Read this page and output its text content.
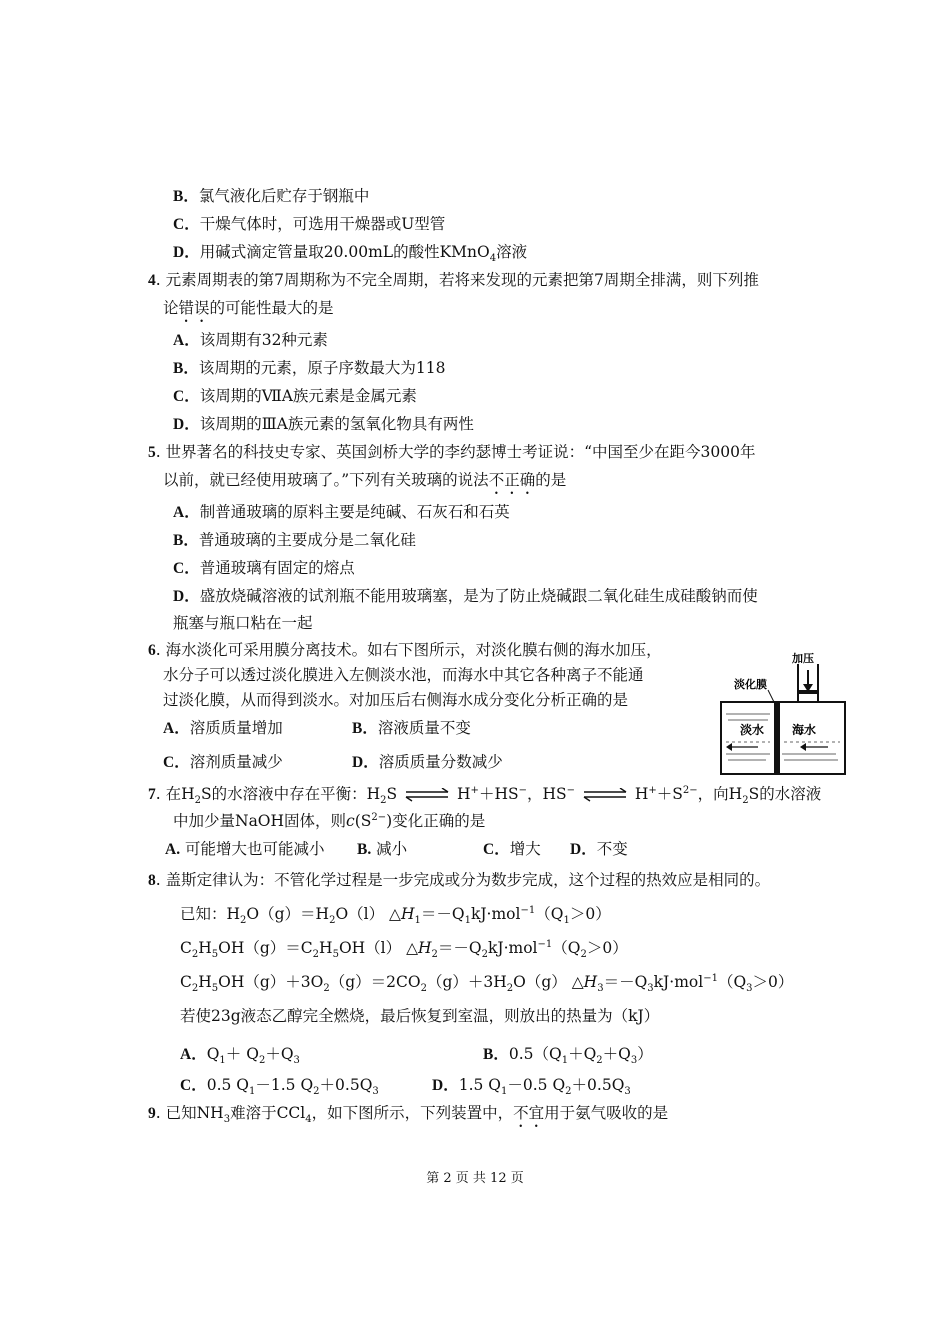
B．氯气液化后贮存于钢瓶中
C．干燥气体时，可选用干燥器或U型管
D．用碱式滴定管量取20.00mL的酸性KMnO$_4$溶液
4. 元素周期表的第7周期称为不完全周期，若将来发现的元素把第7周期全排满，则下列推
论错误的可能性最大的是
A．该周期有32种元素
B．该周期的元素，原子序数最大为118
C．该周期的ⅦA族元素是金属元素
D．该周期的ⅢA族元素的氢氧化物具有两性
5. 世界著名的科技史专家、英国剑桥大学的李约瑟博士考证说：“中国至少在距今3000年
以前，就已经使用玻璃了。”下列有关玻璃的说法不正确的是
A．制普通玻璃的原料主要是纯碱、石灰石和石英
B．普通玻璃的主要成分是二氧化硅
C．普通玻璃有固定的熔点
D．盛放烧碱溶液的试剂瓶不能用玻璃塞，是为了防止烧碱跟二氧化硅生成硅酸钠而使
瓶塞与瓶口粘在一起
6. 海水淡化可采用膜分离技术。如右下图所示，对淡化膜右侧的海水加压，
水分子可以透过淡化膜进入左侧淡水池，而海水中其它各种离子不能通
过淡化膜，从而得到淡水。对加压后右侧海水成分变化分析正确的是
A．溶质质量增加	B．溶液质量不变
C．溶剂质量减少	D．溶质质量分数减少
加压
淡化膜
淡水 海水
7. 在$H_2S$的水溶液中存在平衡：$H_2S$ ⇌ H+＋HS−，HS− ⇌ $H^++S^{2-}$，向$H_2S$的水溶液
中加少量NaOH固体，则$c(S^{2-})$变化正确的是
A. 可能增大也可能减小 B. 减小	C．增大 D．不变
8. 盖斯定律认为：不管化学过程是一步完成或分为数步完成，这个过程的热效应是相同的。
已知：$H_2O(g)=H_2O(l)$ $\triangle H_1=-Q_1kJ\cdot mol^{-1}(Q_1>0)$
$C_2H_5OH(g)=C_2H_5OH(l)$ $\triangle H_2=-Q_2kJ\cdot mol^{-1}(Q_2>0)$
$C_2H_5OH(g)+3O_2(g)=2CO_2(g)+3H_2O(g)$ $\triangle H_3=-Q_3kJ\cdot mol^{-1}(Q_3>0)$
若使23g液态乙醇完全燃烧，最后恢复到室温，则放出的热量为（kJ）
A．$Q_1+ Q_2+Q_3$	B．$0.5(Q_1+Q_2+Q_3)$
C．0.5 $Q_1-1.5$ $Q_2+0.5Q_3$	D．1.5 $Q_1-0.5$ $Q_2+0.5Q_3$
9. 已知$NH_3$难溶于CCl$_4$，如下图所示，下列装置中，不宜用于氨气吸收的是
第 2 页 共 12 页
